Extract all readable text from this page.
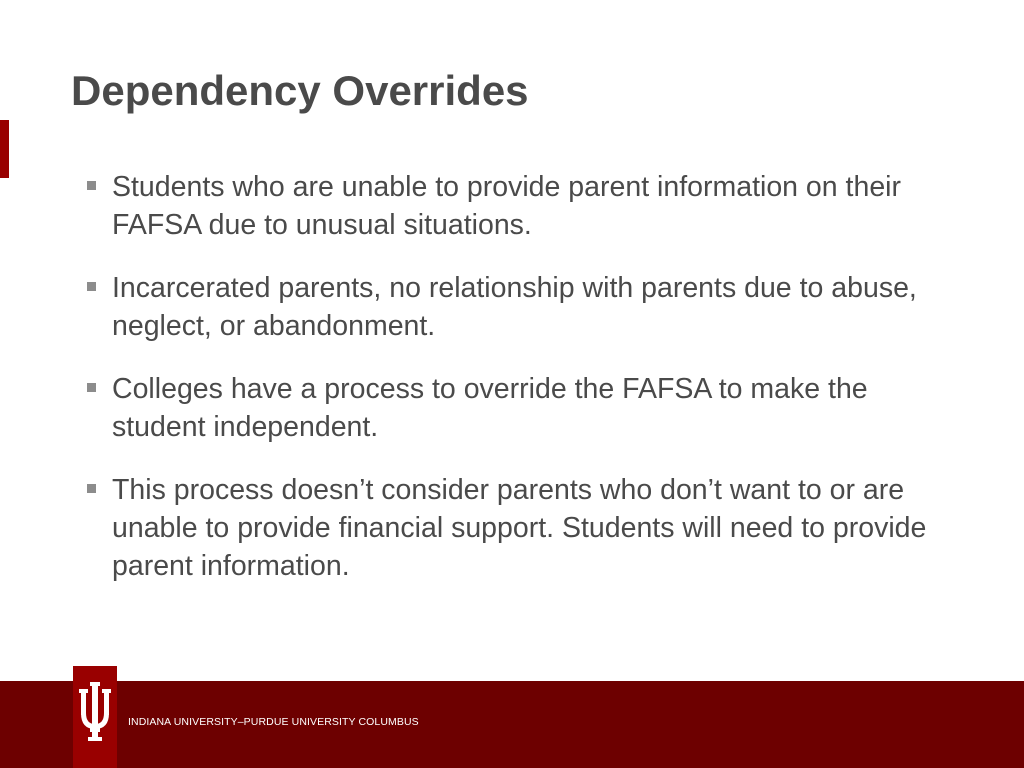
Dependency Overrides
Students who are unable to provide parent information on their FAFSA due to unusual situations.
Incarcerated parents, no relationship with parents due to abuse, neglect, or abandonment.
Colleges have a process to override the FAFSA to make the student independent.
This process doesn’t consider parents who don’t want to or are unable to provide financial support. Students will need to provide parent information.
INDIANA UNIVERSITY–PURDUE UNIVERSITY COLUMBUS
